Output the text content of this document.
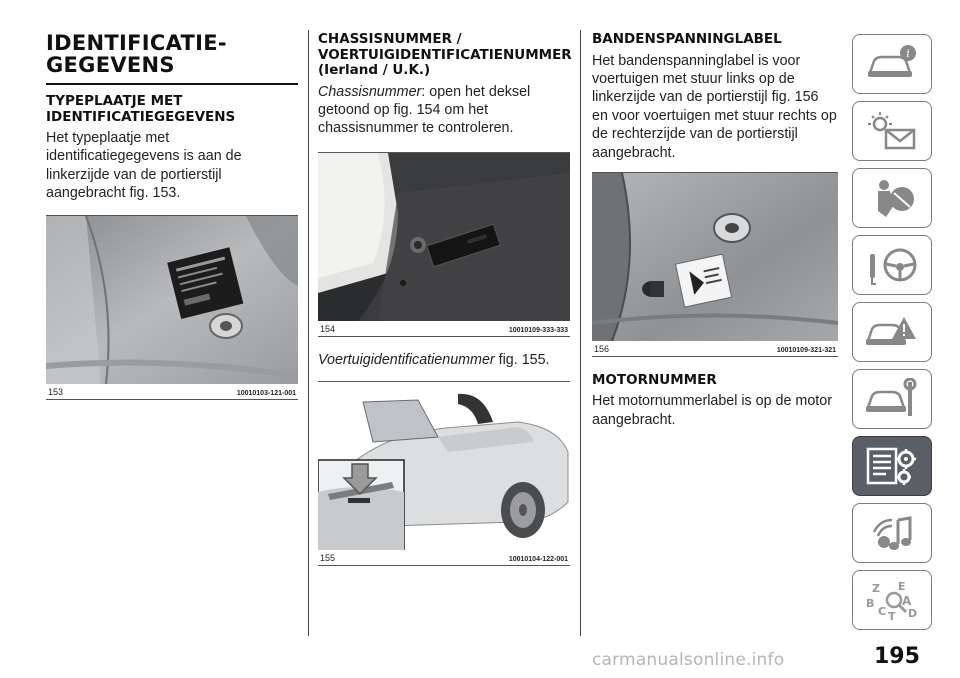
IDENTIFICATIE-
GEGEVENS
TYPEPLAATJE MET IDENTIFICATIEGEGEVENS
Het typeplaatje met identificatiegegevens is aan de linkerzijde van de portierstijl aangebracht fig. 153.
153	10010103-121-001
CHASSISNUMMER / VOERTUIGIDENTIFICATIENUMMER (Ierland / U.K.)
Chassisnummer: open het deksel getoond op fig. 154 om het chassisnummer te controleren.
154	10010109-333-333
Voertuigidentificatienummer fig. 155.
155	10010104-122-001
BANDENSPANNINGLABEL
Het bandenspanninglabel is voor voertuigen met stuur links op de linkerzijde van de portierstijl fig. 156 en voor voertuigen met stuur rechts op de rechterzijde van de portierstijl aangebracht.
156	10010109-321-321
MOTORNUMMER
Het motornummerlabel is op de motor aangebracht.
i
Z E
B A
C T D
195
carmanualsonline.info
